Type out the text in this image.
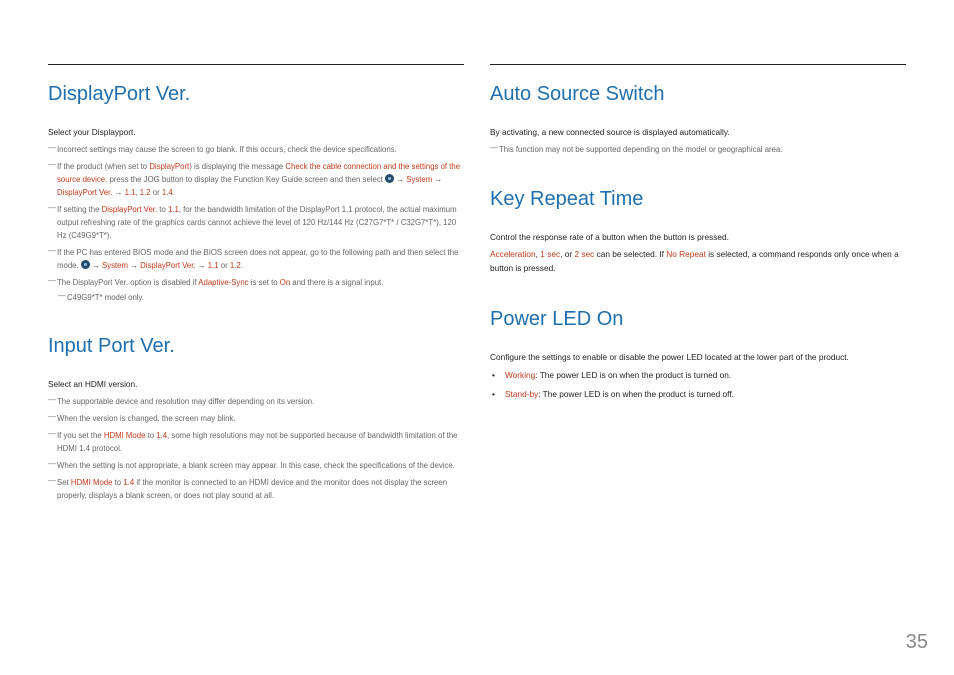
DisplayPort Ver.

Select your Displayport.

― Incorrect settings may cause the screen to go blank. If this occurs, check the device specifications.

― If the product (when set to DisplayPort) is displaying the message Check the cable connection and the settings of the source device. press the JOG button to display the Function Key Guide screen and then select  → System → DisplayPort Ver. → 1.1, 1.2 or 1.4.

― If setting the DisplayPort Ver. to 1.1, for the bandwidth limitation of the DisplayPort 1.1 protocol, the actual maximum output refreshing rate of the graphics cards cannot achieve the level of 120 Hz/144 Hz (C27G7*T* / C32G7*T*), 120 Hz (C49G9*T*).

― If the PC has entered BIOS mode and the BIOS screen does not appear, go to the following path and then select the mode.  → System → DisplayPort Ver. → 1.1 or 1.2.

― The DisplayPort Ver. option is disabled if Adaptive-Sync is set to On and there is a signal input.

― C49G9*T* model only.

Input Port Ver.

Select an HDMI version.

― The supportable device and resolution may differ depending on its version.

― When the version is changed, the screen may blink.

― If you set the HDMI Mode to 1.4, some high resolutions may not be supported because of bandwidth limitation of the HDMI 1.4 protocol.

― When the setting is not appropriate, a blank screen may appear. In this case, check the specifications of the device.

― Set HDMI Mode to 1.4 if the monitor is connected to an HDMI device and the monitor does not display the screen properly, displays a blank screen, or does not play sound at all.

Auto Source Switch

By activating, a new connected source is displayed automatically.

― This function may not be supported depending on the model or geographical area.

Key Repeat Time

Control the response rate of a button when the button is pressed.

Acceleration, 1 sec, or 2 sec can be selected. If No Repeat is selected, a command responds only once when a button is pressed.

Power LED On

Configure the settings to enable or disable the power LED located at the lower part of the product.

• Working: The power LED is on when the product is turned on.
• Stand-by: The power LED is on when the product is turned off.
35
